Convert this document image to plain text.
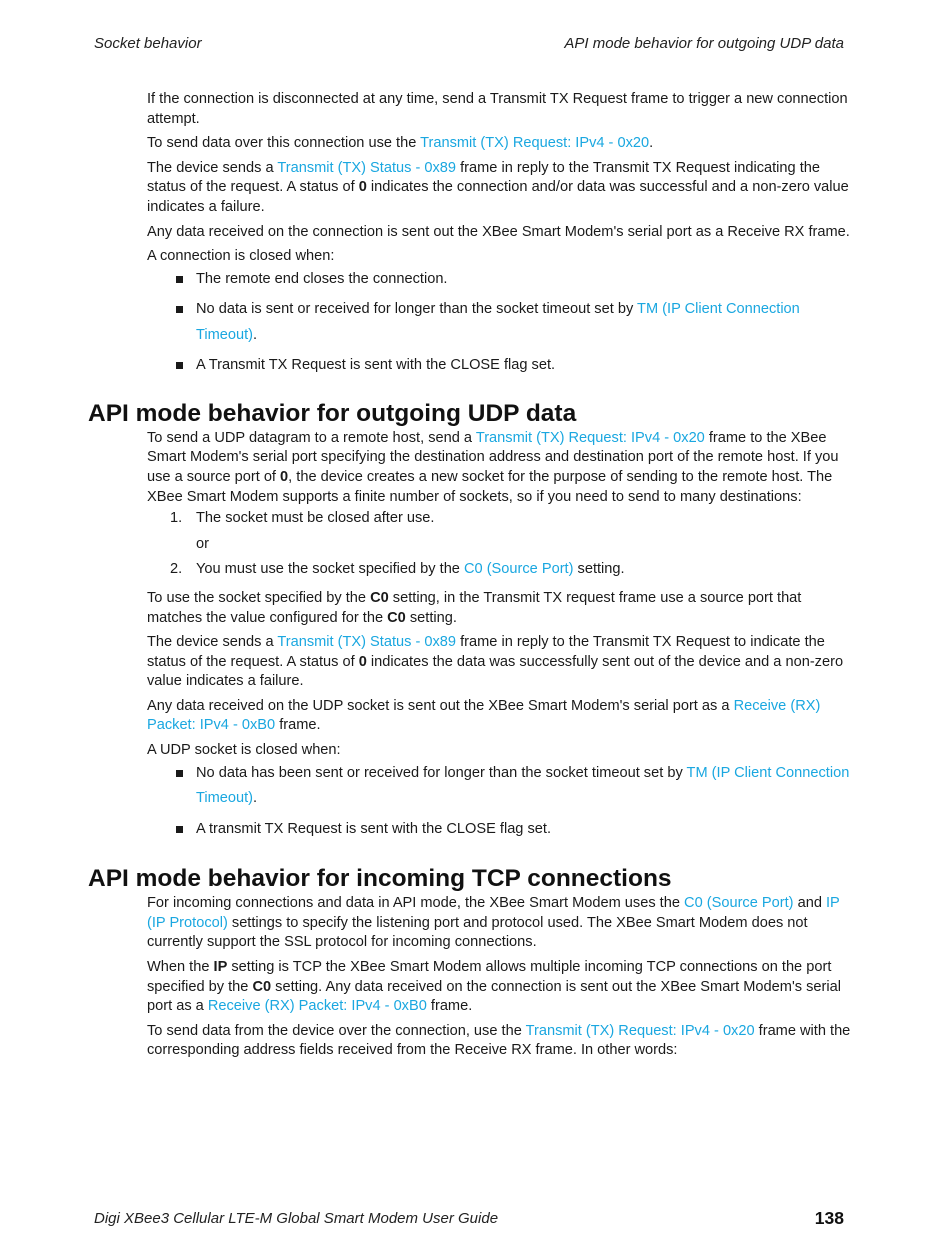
Socket behavior	API mode behavior for outgoing UDP data

If the connection is disconnected at any time, send a Transmit TX Request frame to trigger a new connection attempt.

To send data over this connection use the Transmit (TX) Request: IPv4 - 0x20.

The device sends a Transmit (TX) Status - 0x89 frame in reply to the Transmit TX Request indicating the status of the request. A status of 0 indicates the connection and/or data was successful and a non-zero value indicates a failure.

Any data received on the connection is sent out the XBee Smart Modem's serial port as a Receive RX frame.

A connection is closed when:

The remote end closes the connection.
No data is sent or received for longer than the socket timeout set by TM (IP Client Connection Timeout).
A Transmit TX Request is sent with the CLOSE flag set.
API mode behavior for outgoing UDP data

To send a UDP datagram to a remote host, send a Transmit (TX) Request: IPv4 - 0x20 frame to the XBee Smart Modem's serial port specifying the destination address and destination port of the remote host. If you use a source port of 0, the device creates a new socket for the purpose of sending to the remote host. The XBee Smart Modem supports a finite number of sockets, so if you need to send to many destinations:

1. The socket must be closed after use.
or
2. You must use the socket specified by the C0 (Source Port) setting.

To use the socket specified by the C0 setting, in the Transmit TX request frame use a source port that matches the value configured for the C0 setting.

The device sends a Transmit (TX) Status - 0x89 frame in reply to the Transmit TX Request to indicate the status of the request. A status of 0 indicates the data was successfully sent out of the device and a non-zero value indicates a failure.

Any data received on the UDP socket is sent out the XBee Smart Modem's serial port as a Receive (RX) Packet: IPv4 - 0xB0 frame.

A UDP socket is closed when:

No data has been sent or received for longer than the socket timeout set by TM (IP Client Connection Timeout).
A transmit TX Request is sent with the CLOSE flag set.
API mode behavior for incoming TCP connections

For incoming connections and data in API mode, the XBee Smart Modem uses the C0 (Source Port) and IP (IP Protocol) settings to specify the listening port and protocol used. The XBee Smart Modem does not currently support the SSL protocol for incoming connections.

When the IP setting is TCP the XBee Smart Modem allows multiple incoming TCP connections on the port specified by the C0 setting. Any data received on the connection is sent out the XBee Smart Modem's serial port as a Receive (RX) Packet: IPv4 - 0xB0 frame.

To send data from the device over the connection, use the Transmit (TX) Request: IPv4 - 0x20 frame with the corresponding address fields received from the Receive RX frame. In other words:

Digi XBee3 Cellular LTE-M Global Smart Modem User Guide	138
